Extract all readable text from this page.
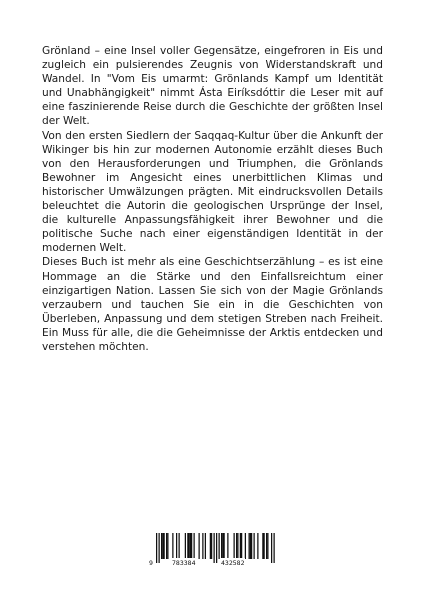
Grönland – eine Insel voller Gegensätze, eingefroren in Eis und zugleich ein pulsierendes Zeugnis von Widerstandskraft und Wandel. In "Vom Eis umarmt: Grönlands Kampf um Identität und Unabhängigkeit" nimmt Ásta Eiríksdóttir die Leser mit auf eine faszinierende Reise durch die Geschichte der größten Insel der Welt.

Von den ersten Siedlern der Saqqaq-Kultur über die Ankunft der Wikinger bis hin zur modernen Autonomie erzählt dieses Buch von den Herausforderungen und Triumphen, die Grönlands Bewohner im Angesicht eines unerbittlichen Klimas und historischer Umwälzungen prägten. Mit eindrucksvollen Details beleuchtet die Autorin die geologischen Ursprünge der Insel, die kulturelle Anpassungsfähigkeit ihrer Bewohner und die politische Suche nach einer eigenständigen Identität in der modernen Welt.

Dieses Buch ist mehr als eine Geschichtserzählung – es ist eine Hommage an die Stärke und den Einfallsreichtum einer einzigartigen Nation. Lassen Sie sich von der Magie Grönlands verzaubern und tauchen Sie ein in die Geschichten von Überleben, Anpassung und dem stetigen Streben nach Freiheit. Ein Muss für alle, die die Geheimnisse der Arktis entdecken und verstehen möchten.

9	783384	432582
